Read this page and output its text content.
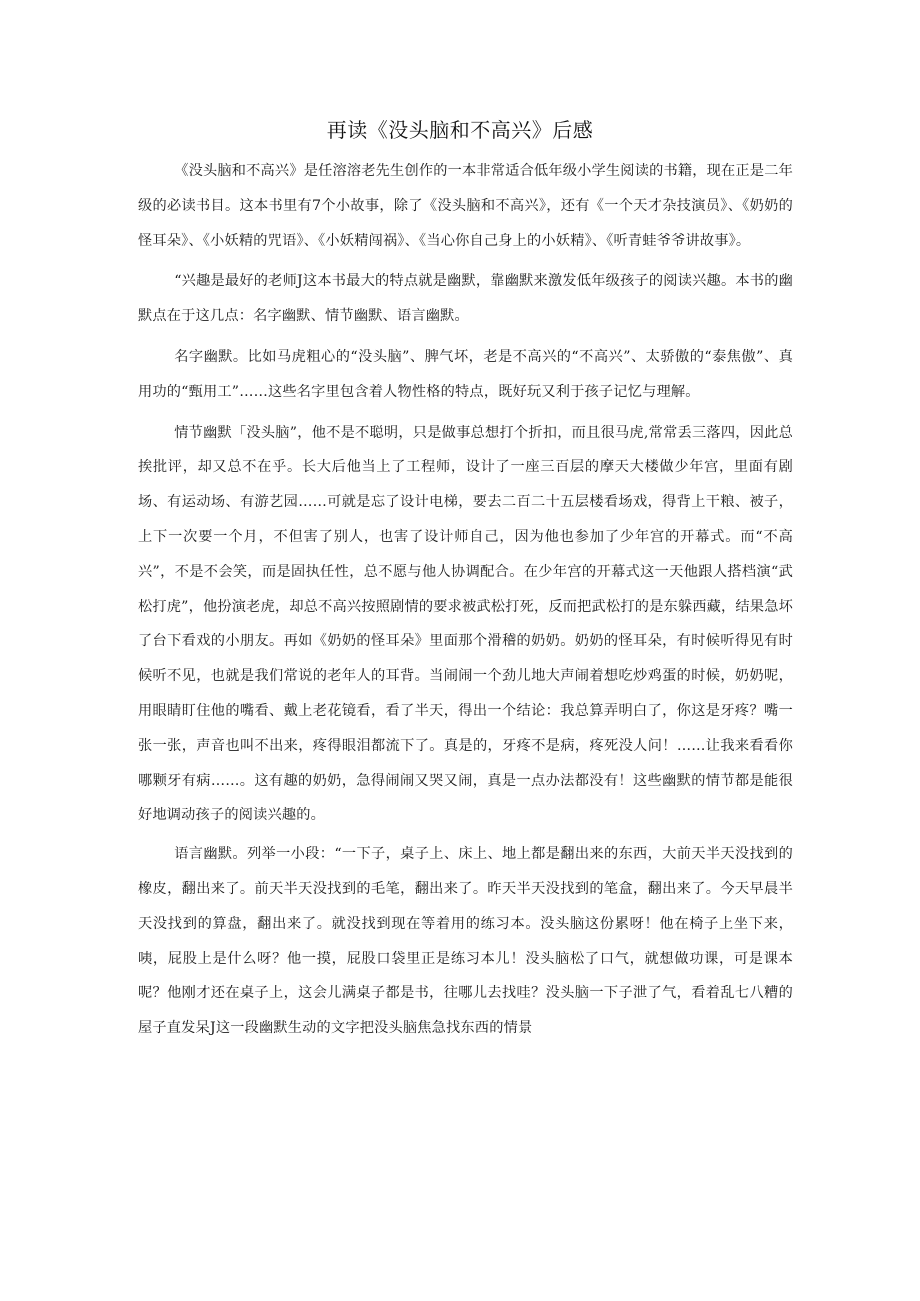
再读《没头脑和不高兴》后感

《没头脑和不高兴》是任溶溶老先生创作的一本非常适合低年级小学生阅读的书籍，现在正是二年级的必读书目。这本书里有7个小故事，除了《没头脑和不高兴》，还有《一个天才杂技演员》、《奶奶的怪耳朵》、《小妖精的咒语》、《小妖精闯祸》、《当心你自己身上的小妖精》、《听青蛙爷爷讲故事》。

“兴趣是最好的老师J这本书最大的特点就是幽默，靠幽默来激发低年级孩子的阅读兴趣。本书的幽默点在于这几点：名字幽默、情节幽默、语言幽默。

名字幽默。比如马虎粗心的“没头脑”、脾气坏，老是不高兴的“不高兴”、太骄傲的“泰焦傲”、真用功的“甄用工”……这些名字里包含着人物性格的特点，既好玩又利于孩子记忆与理解。

情节幽默「没头脑”，他不是不聪明，只是做事总想打个折扣，而且很马虎,常常丢三落四，因此总挨批评，却又总不在乎。长大后他当上了工程师，设计了一座三百层的摩天大楼做少年宫，里面有剧场、有运动场、有游艺园……可就是忘了设计电梯，要去二百二十五层楼看场戏，得背上干粮、被子，上下一次要一个月，不但害了别人，也害了设计师自己，因为他也参加了少年宫的开幕式。而“不高兴”，不是不会笑，而是固执任性，总不愿与他人协调配合。在少年宫的开幕式这一天他跟人搭档演“武松打虎”，他扮演老虎，却总不高兴按照剧情的要求被武松打死，反而把武松打的是东躲西藏，结果急坏了台下看戏的小朋友。再如《奶奶的怪耳朵》里面那个滑稽的奶奶。奶奶的怪耳朵，有时候听得见有时候听不见，也就是我们常说的老年人的耳背。当闹闹一个劲儿地大声闹着想吃炒鸡蛋的时候，奶奶呢，用眼睛盯住他的嘴看、戴上老花镜看，看了半天，得出一个结论：我总算弄明白了，你这是牙疼？嘴一张一张，声音也叫不出来，疼得眼泪都流下了。真是的，牙疼不是病，疼死没人问！……让我来看看你哪颗牙有病……。这有趣的奶奶，急得闹闹又哭又闹，真是一点办法都没有！这些幽默的情节都是能很好地调动孩子的阅读兴趣的。

语言幽默。列举一小段：“一下子，桌子上、床上、地上都是翻出来的东西，大前天半天没找到的橡皮，翻出来了。前天半天没找到的毛笔，翻出来了。昨天半天没找到的笔盒，翻出来了。今天早晨半天没找到的算盘，翻出来了。就没找到现在等着用的练习本。没头脑这份累呀！他在椅子上坐下来，咦，屁股上是什么呀？他一摸，屁股口袋里正是练习本儿！没头脑松了口气，就想做功课，可是课本呢？他刚才还在桌子上，这会儿满桌子都是书，往哪儿去找哇？没头脑一下子泄了气，看着乱七八糟的屋子直发呆J这一段幽默生动的文字把没头脑焦急找东西的情景
